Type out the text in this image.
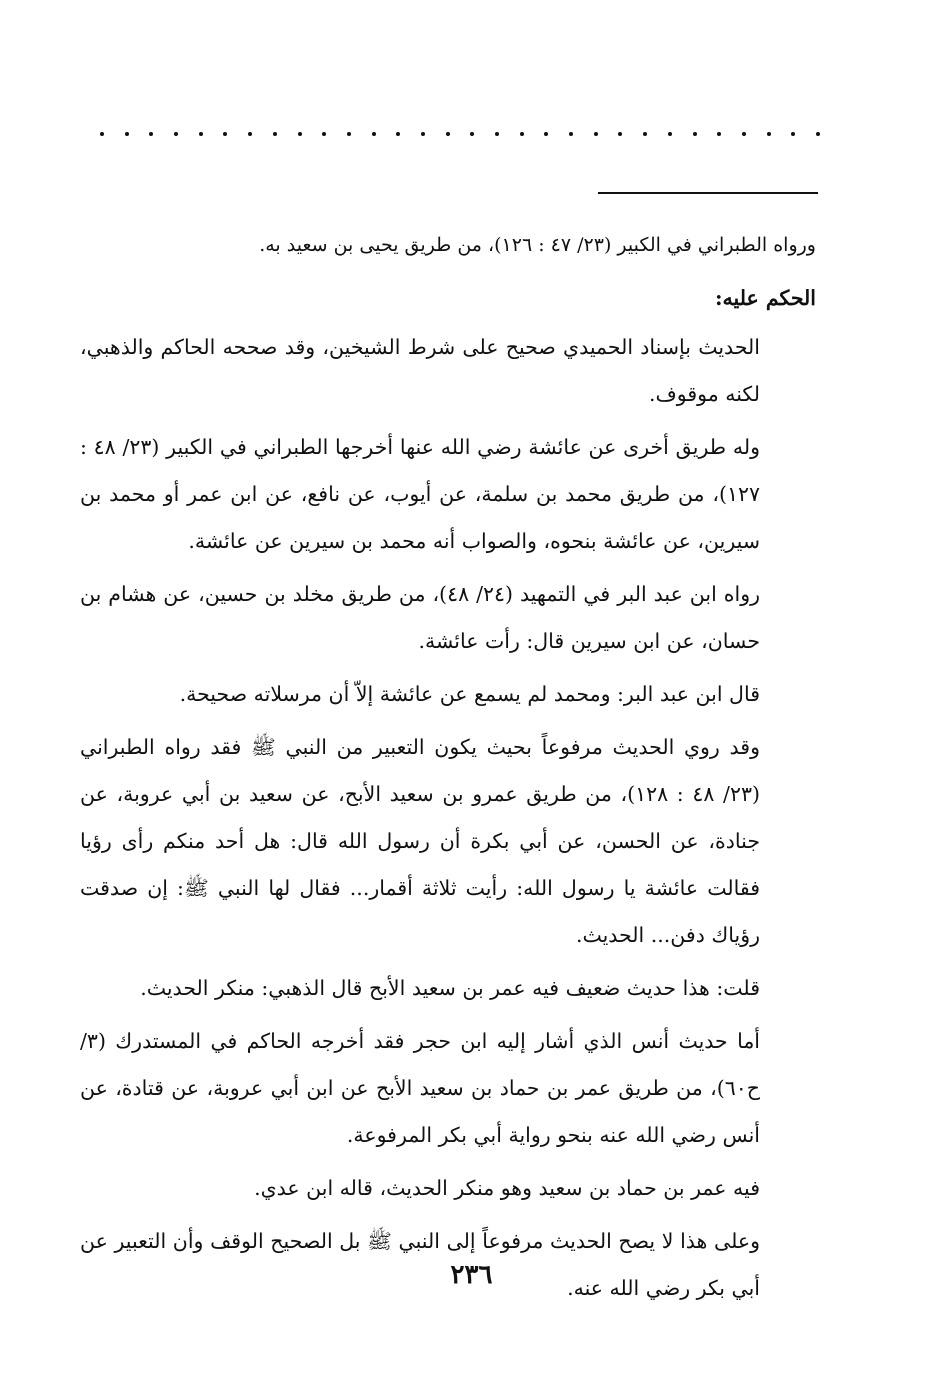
ورواه الطبراني في الكبير (٢٣/ ٤٧ : ١٢٦)، من طريق يحيى بن سعيد به.

الحكم عليه:

الحديث بإسناد الحميدي صحيح على شرط الشيخين، وقد صححه الحاكم والذهبي، لكنه موقوف.

وله طريق أخرى عن عائشة رضي الله عنها أخرجها الطبراني في الكبير (٢٣/ ٤٨ : ١٢٧)، من طريق محمد بن سلمة، عن أيوب، عن نافع، عن ابن عمر أو محمد بن سيرين، عن عائشة بنحوه، والصواب أنه محمد بن سيرين عن عائشة.

رواه ابن عبد البر في التمهيد (٢٤/ ٤٨)، من طريق مخلد بن حسين، عن هشام بن حسان، عن ابن سيرين قال: رأت عائشة.

قال ابن عبد البر: ومحمد لم يسمع عن عائشة إلاّ أن مرسلاته صحيحة.

وقد روي الحديث مرفوعاً بحيث يكون التعبير من النبي ﷺ فقد رواه الطبراني (٢٣/ ٤٨ : ١٢٨)، من طريق عمرو بن سعيد الأبح، عن سعيد بن أبي عروبة، عن جنادة، عن الحسن، عن أبي بكرة أن رسول الله قال: هل أحد منكم رأى رؤيا فقالت عائشة يا رسول الله: رأيت ثلاثة أقمار... فقال لها النبي ﷺ: إن صدقت رؤياك دفن... الحديث.

قلت: هذا حديث ضعيف فيه عمر بن سعيد الأبح قال الذهبي: منكر الحديث.

أما حديث أنس الذي أشار إليه ابن حجر فقد أخرجه الحاكم في المستدرك (٣/ ح٦٠)، من طريق عمر بن حماد بن سعيد الأبح عن ابن أبي عروبة، عن قتادة، عن أنس رضي الله عنه بنحو رواية أبي بكر المرفوعة.

فيه عمر بن حماد بن سعيد وهو منكر الحديث، قاله ابن عدي.

وعلى هذا لا يصح الحديث مرفوعاً إلى النبي ﷺ بل الصحيح الوقف وأن التعبير عن أبي بكر رضي الله عنه.

٢٣٦
